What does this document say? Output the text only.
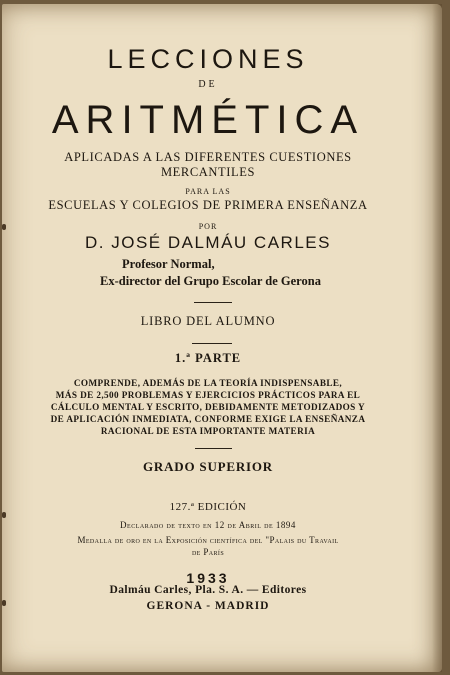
LECCIONES
DE
ARITMÉTICA
APLICADAS A LAS DIFERENTES CUESTIONES
MERCANTILES
PARA LAS
ESCUELAS Y COLEGIOS DE PRIMERA ENSEÑANZA
POR
D. JOSÉ DALMÁU CARLES
Profesor Normal,
Ex-director del Grupo Escolar de Gerona
LIBRO DEL ALUMNO
1.ª PARTE
COMPRENDE, ADEMÁS DE LA TEORÍA INDISPENSABLE,
MÁS DE 2,500 PROBLEMAS Y EJERCICIOS PRÁCTICOS PARA EL
CÁLCULO MENTAL Y ESCRITO, DEBIDAMENTE METODIZADOS Y
DE APLICACIÓN INMEDIATA, CONFORME EXIGE LA ENSEÑANZA
RACIONAL DE ESTA IMPORTANTE MATERIA
GRADO SUPERIOR
127.ª EDICIÓN
Declarado de texto en 12 de Abril de 1894
Medalla de oro en la Exposición científica del "Palais du Travail
de París
1933
Dalmáu Carles, Pla. S. A. — Editores
GERONA - MADRID
